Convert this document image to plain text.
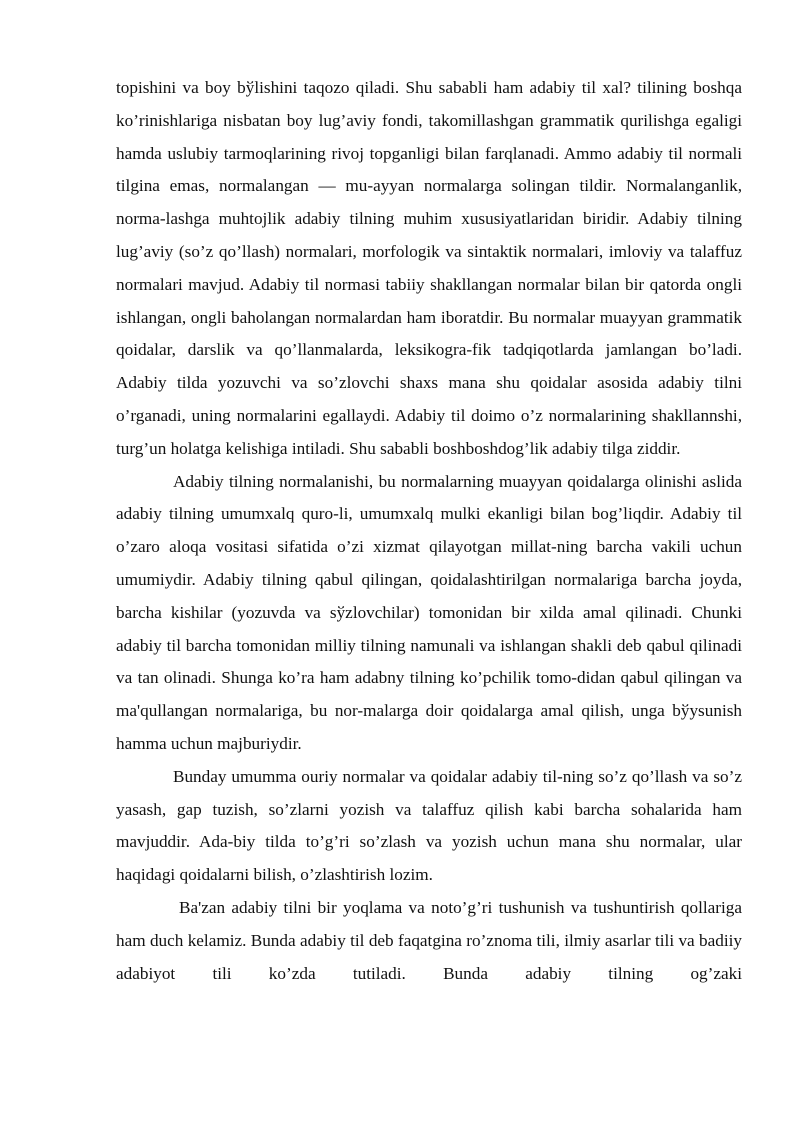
topishini va boy bўlishini taqozo qiladi. Shu sababli ham adabiy til xal? tilining boshqa ko’rinishlariga nisbatan boy lug’aviy fondi, takomillashgan grammatik qurilishga egaligi hamda uslubiy tarmoqlarining rivoj topganligi bilan farqlanadi. Ammo adabiy til normali tilgina emas, normalangan — mu-ayyan normalarga solingan tildir. Normalanganlik, norma-lashga muhtojlik adabiy tilning muhim xususiyatlaridan biridir. Adabiy tilning lug’aviy (so’z qo’llash) normalari, morfologik va sintaktik normalari, imloviy va talaffuz normalari mavjud. Adabiy til normasi tabiiy shakllangan normalar bilan bir qatorda ongli ishlangan, ongli baholangan normalardan ham iboratdir. Bu normalar muayyan grammatik qoidalar, darslik va qo’llanmalarda, leksikogra-fik tadqiqotlarda jamlangan bo’ladi. Adabiy tilda yozuvchi va so’zlovchi shaxs mana shu qoidalar asosida adabiy tilni o’rganadi, uning normalarini egallaydi. Adabiy til doimo o’z normalarining shakllannshi, turg’un holatga kelishiga intiladi. Shu sababli boshboshdog’lik adabiy tilga ziddir.

Adabiy tilning normalanishi, bu normalarning muayyan qoidalarga olinishi aslida adabiy tilning umumxalq quro-li, umumxalq mulki ekanligi bilan bog’liqdir. Adabiy til o’zaro aloqa vositasi sifatida o’zi xizmat qilayotgan millat-ning barcha vakili uchun umumiydir. Adabiy tilning qabul qilingan, qoidalashtirilgan normalariga barcha joyda, barcha kishilar (yozuvda va sўzlovchilar) tomonidan bir xilda amal qilinadi. Chunki adabiy til barcha tomonidan milliy tilning namunali va ishlangan shakli deb qabul qilinadi va tan olinadi. Shunga ko’ra ham adabny tilning ko’pchilik tomo-didan qabul qilingan va ma'qullangan normalariga, bu nor-malarga doir qoidalarga amal qilish, unga bўysunish hamma uchun majburiydir.

Bunday umumma ouriy normalar va qoidalar adabiy til-ning so’z qo’llash va so’z yasash, gap tuzish, so’zlarni yozish va talaffuz qilish kabi barcha sohalarida ham mavjuddir. Ada-biy tilda to’g’ri so’zlash va yozish uchun mana shu normalar, ular haqidagi qoidalarni bilish, o’zlashtirish lozim.

Ba'zan adabiy tilni bir yoqlama va noto’g’ri tushunish va tushuntirish qollariga ham duch kelamiz. Bunda adabiy til deb faqatgina ro’znoma tili, ilmiy asarlar tili va badiiy adabiyot tili ko’zda tutiladi. Bunda adabiy tilning og’zaki
